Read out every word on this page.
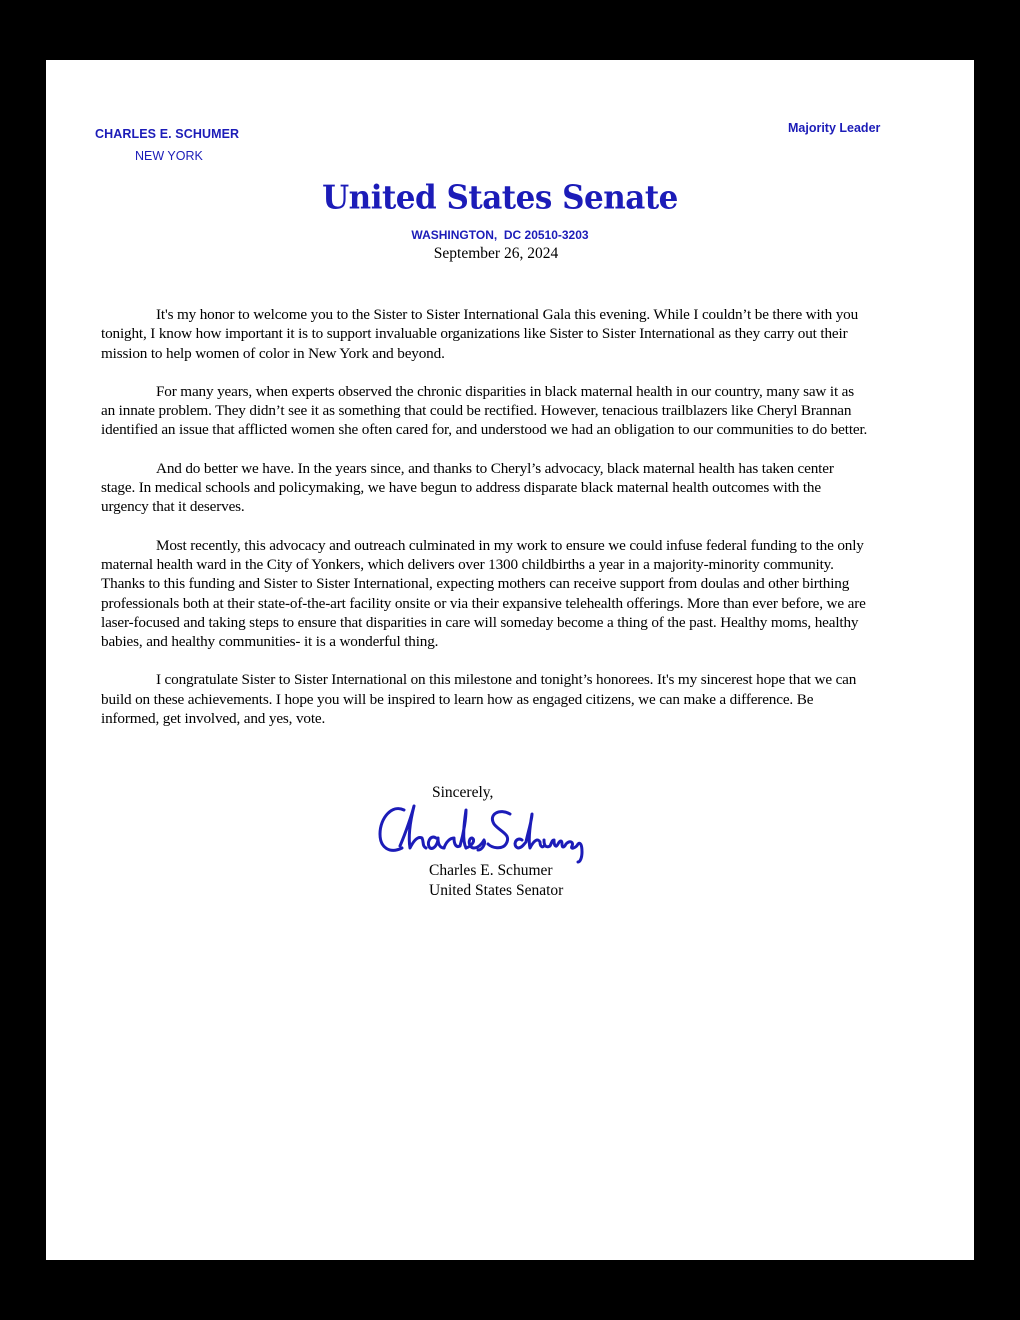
CHARLES E. SCHUMER
NEW YORK
Majority Leader
United States Senate
WASHINGTON,  DC 20510-3203
September 26, 2024

It's my honor to welcome you to the Sister to Sister International Gala this evening. While I couldn’t be there with you tonight, I know how important it is to support invaluable organizations like Sister to Sister International as they carry out their mission to help women of color in New York and beyond.

For many years, when experts observed the chronic disparities in black maternal health in our country, many saw it as an innate problem. They didn’t see it as something that could be rectified. However, tenacious trailblazers like Cheryl Brannan identified an issue that afflicted women she often cared for, and understood we had an obligation to our communities to do better.

And do better we have. In the years since, and thanks to Cheryl’s advocacy, black maternal health has taken center stage. In medical schools and policymaking, we have begun to address disparate black maternal health outcomes with the urgency that it deserves.

Most recently, this advocacy and outreach culminated in my work to ensure we could infuse federal funding to the only maternal health ward in the City of Yonkers, which delivers over 1300 childbirths a year in a majority-minority community. Thanks to this funding and Sister to Sister International, expecting mothers can receive support from doulas and other birthing professionals both at their state-of-the-art facility onsite or via their expansive telehealth offerings. More than ever before, we are laser-focused and taking steps to ensure that disparities in care will someday become a thing of the past. Healthy moms, healthy babies, and healthy communities- it is a wonderful thing.

I congratulate Sister to Sister International on this milestone and tonight’s honorees. It's my sincerest hope that we can build on these achievements. I hope you will be inspired to learn how as engaged citizens, we can make a difference. Be informed, get involved, and yes, vote.

Sincerely,
Charles E. Schumer
United States Senator
